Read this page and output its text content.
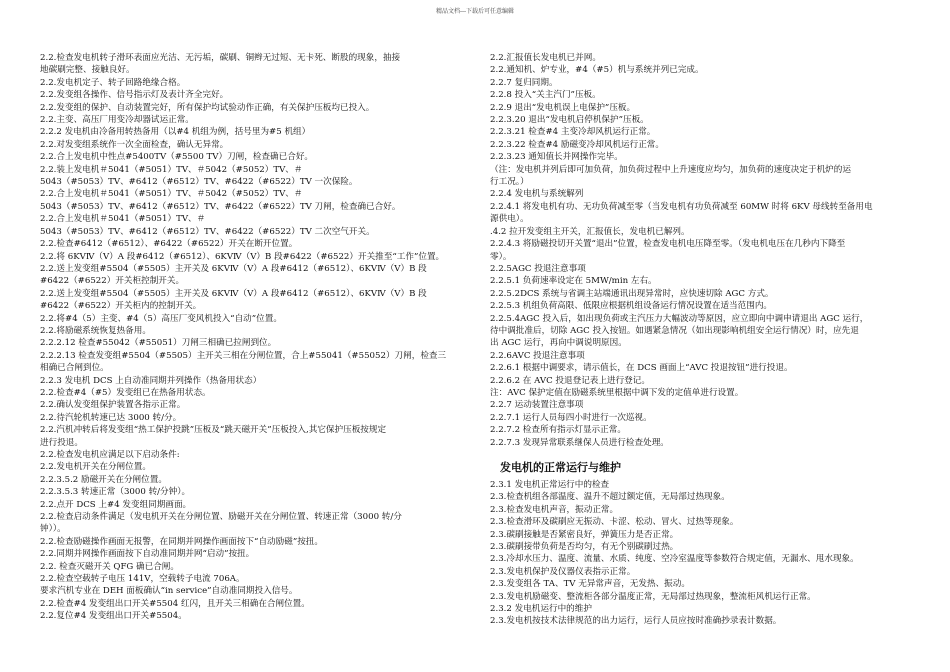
精品文档---下载后可任意编辑
2.2.检查发电机转子滑环表面应光洁、无污垢，碳刷、铜辫无过短、无卡死、断股的现象，抽接
地碳刷完整、接触良好。
2.2.发电机定子、转子回路绝缘合格。
2.2.发变组各操作、信号指示灯及表计齐全完好。
2.2.发变组的保护、自动装置完好，所有保护均试验动作正确，有关保护压板均已投入。
2.2.主变、高压厂用变冷却器试运正常。
2.2.2 发电机由冷备用转热备用（以#4 机组为例，括号里为#5 机组）
2.2.对发变组系统作一次全面检查，确认无异常。
2.2.合上发电机中性点#5400TV（#5500 TV）刀闸，检查确已合好。
2.2.装上发电机＃5041（#5051）TV、＃5042（#5052）TV、＃
5043（#5053）TV、#6412（#6512）TV、#6422（#6522）TV 一次保险。
2.2.合上发电机＃5041（#5051）TV、＃5042（#5052）TV、＃
5043（#5053）TV、#6412（#6512）TV、#6422（#6522）TV 刀闸，检查确已合好。
2.2.合上发电机＃5041（#5051）TV、＃
5043（#5053）TV、#6412（#6512）TV、#6422（#6522）TV 二次空气开关。
2.2.检查#6412（#6512）、#6422（#6522）开关在断开位置。
2.2.将 6KVⅣ（Ⅴ）A 段#6412（#6512）、6KVⅣ（Ⅴ）B 段#6422（#6522）开关推至“工作”位置。
2.2.送上发变组#5504（#5505）主开关及 6KVⅣ（Ⅴ）A 段#6412（#6512）、6KVⅣ（Ⅴ）B 段
#6422（#6522）开关柜控制开关。
2.2.送上发变组#5504（#5505）主开关及 6KVⅣ（Ⅴ）A 段#6412（#6512）、6KVⅣ（Ⅴ）B 段
#6422（#6522）开关柜内的控制开关。
2.2.将#4（5）主变、#4（5）高压厂变风机投入“自动”位置。
2.2.将励磁系统恢复热备用。
2.2.2.12 检查#55042（#55051）刀闸三相确已拉闸到位。
2.2.2.13 检查发变组#5504（#5505）主开关三相在分闸位置，合上#55041（#55052）刀闸，检查三
相确已合闸到位。
2.2.3 发电机 DCS 上自动准同期并列操作（热备用状态）
2.2.检查#4（#5）发变组已在热备用状态。
2.2.确认发变组保护装置各指示正常。
2.2.待汽轮机转速已达 3000 转/分。
2.2.汽机冲转后将发变组“热工保护投跳”压板及“跳天磁开关”压板投入,其它保护压板按规定
进行投退。
2.2.检查发电机应满足以下启动条件:
2.2.发电机开关在分闸位置。
2.2.3.5.2 励磁开关在分闸位置。
2.2.3.5.3 转速正常（3000 转/分钟）。
2.2.点开 DCS 上#4 发变组同期画面。
2.2.检查启动条件满足（发电机开关在分闸位置、励磁开关在分闸位置、转速正常（3000 转/分
钟））。
2.2.检查励磁操作画面无报警，在同期并网操作画面按下“自动励磁”按扭。
2.2.同期并网操作画面按下自动准同期并网“启动”按扭。
2.2. 检查灭磁开关 QFG 确已合闸。
2.2.检查空载转子电压 141V，空载转子电流 706A。
要求汽机专业在 DEH 面板确认“in service”自动准同期投入信号。
2.2.检查#4 发变组出口开关#5504 红闪，且开关三相确在合闸位置。
2.2.复位#4 发变组出口开关#5504。
2.2.汇报值长发电机已并网。
2.2.通知机、炉专业，#4（#5）机与系统并列已完成。
2.2.7 复归同期。
2.2.8 投入“关主汽门”压板。
2.2.9 退出“发电机误上电保护”压板。
2.2.3.20 退出“发电机启停机保护”压板。
2.2.3.21 检查#4 主变冷却风机运行正常。
2.2.3.22 检查#4 励磁变冷却风机运行正常。
2.2.3.23 通知值长并网操作完毕。
（注：发电机并列后即可加负荷，加负荷过程中上升速度应均匀，加负荷的速度决定于机炉的运
行工况。）
2.2.4 发电机与系统解列
2.2.4.1 将发电机有功、无功负荷减至零（当发电机有功负荷减至 60MW 时将 6KV 母线转至备用电
源供电）。
.4.2 拉开发变组主开关，汇报值长，发电机已解列。
2.2.4.3 将励磁投切开关置“退出”位置，检查发电机电压降至零。（发电机电压在几秒内下降至
零）。
2.2.5AGC 投退注意事项
2.2.5.1 负荷速率设定在 5MW/min 左右。
2.2.5.2DCS 系统与省调主站端通讯出现异常时，应快速切除 AGC 方式。
2.2.5.3 机组负荷高限、低限应根据机组设备运行情况设置在适当范围内。
2.2.5.4AGC 投入后，如出现负荷或主汽压力大幅波动等原因，应立即向中调申请退出 AGC 运行，
待中调批准后，切除 AGC 投入按钮。如遇紧急情况（如出现影响机组安全运行情况）时，应先退
出 AGC 运行，再向中调说明原因。
2.2.6AVC 投退注意事项
2.2.6.1 根据中调要求，请示值长，在 DCS 画面上“AVC 投退按钮”进行投退。
2.2.6.2 在 AVC 投退登记表上进行登记。
注：AVC 保护定值在励磁系统里根据中调下发的定值单进行设置。
2.2.7 运动装置注意事项
2.2.7.1 运行人员每四小时进行一次巡视。
2.2.7.2 检查所有指示灯显示正常。
2.2.7.3 发现异常联系继保人员进行检查处理。
发电机的正常运行与维护
2.3.1 发电机正常运行中的检查
2.3.检查机组各部温度、温升不超过额定值，无局部过热现象。
2.3.检查发电机声音，振动正常。
2.3.检查滑环及碳刷应无振动、卡涩、松动、冒火、过热等现象。
2.3.碳刷接触是否紧密良好，弹簧压力是否正常。
2.3.碳刷接带负荷是否均匀，有无个别碳刷过热。
2.3.冷却水压力、温度、流量、水质、纯度、空冷室温度等参数符合规定值，无漏水、甩水现象。
2.3.发电机保护及仪器仪表指示正常。
2.3.发变组各 TA、TV 无异常声音，无发热、振动。
2.3.发电机励磁变、整流柜各部分温度正常，无局部过热现象，整流柜风机运行正常。
2.3.2 发电机运行中的维护
2.3.发电机按技术法律规范的出力运行，运行人员应按时准确抄录表计数据。
